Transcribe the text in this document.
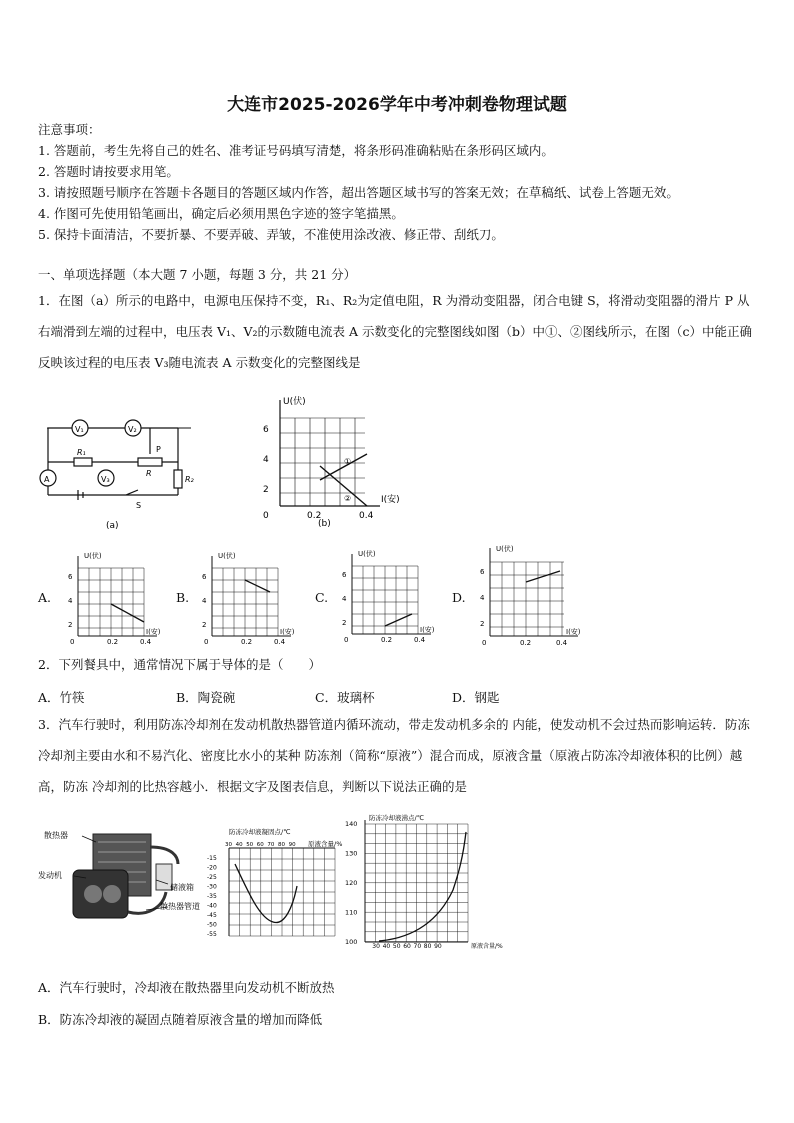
大连市2025-2026学年中考冲刺卷物理试题
注意事项：
1. 答题前，考生先将自己的姓名、准考证号码填写清楚，将条形码准确粘贴在条形码区域内。
2. 答题时请按要求用笔。
3. 请按照题号顺序在答题卡各题目的答题区域内作答，超出答题区域书写的答案无效；在草稿纸、试卷上答题无效。
4. 作图可先使用铅笔画出，确定后必须用黑色字迹的签字笔描黑。
5. 保持卡面清洁，不要折暴、不要弄破、弄皱，不准使用涂改液、修正带、刮纸刀。
一、单项选择题（本大题 7 小题，每题 3 分，共 21 分）
1．在图（a）所示的电路中，电源电压保持不变，R₁、R₂为定值电阻，R 为滑动变阻器，闭合电键 S，将滑动变阻器的滑片 P 从右端滑到左端的过程中，电压表 V₁、V₂的示数随电流表 A 示数变化的完整图线如图（b）中①、②图线所示，在图（c）中能正确反映该过程的电压表 V₃随电流表 A 示数变化的完整图线是
V₁	V₂
A	V₃
R₁
R
R₂
P
S
(a)
U(伏)
I(安)
6
4
2
0	0.2	0.4
①
②
(b)
A.
U(伏)
I(安)
6
4
2
0	0.2	0.4
B.
U(伏)
I(安)
6
4
2
0	0.2	0.4
C.
U(伏)
I(安)
6
4
2
0	0.2	0.4
D.
U(伏)
I(安)
6
4
2
0	0.2	0.4
2．下列餐具中，通常情况下属于导体的是（　　）
A．竹筷	B．陶瓷碗	C．玻璃杯	D．钢匙
3．汽车行驶时，利用防冻冷却剂在发动机散热器管道内循环流动，带走发动机多余的 内能，使发动机不会过热而影响运转．防冻冷却剂主要由水和不易汽化、密度比水小的某种 防冻剂（简称“原液”）混合而成，原液含量（原液占防冻冷却液体积的比例）越高，防冻 冷却剂的比热容越小．根据文字及图表信息，判断以下说法正确的是
散热器
发动机
储液箱
散热器管道
防冻冷却液凝固点/℃
原液含量/%
30 40 50 60 70 80 90
-15
-20
-25
-30
-35
-40
-45
-50
-55
防冻冷却液沸点/℃
原液含量/%
30 40 50 60 70 80 90
140
130
120
110
100
A．汽车行驶时，冷却液在散热器里向发动机不断放热
B．防冻冷却液的凝固点随着原液含量的增加而降低
